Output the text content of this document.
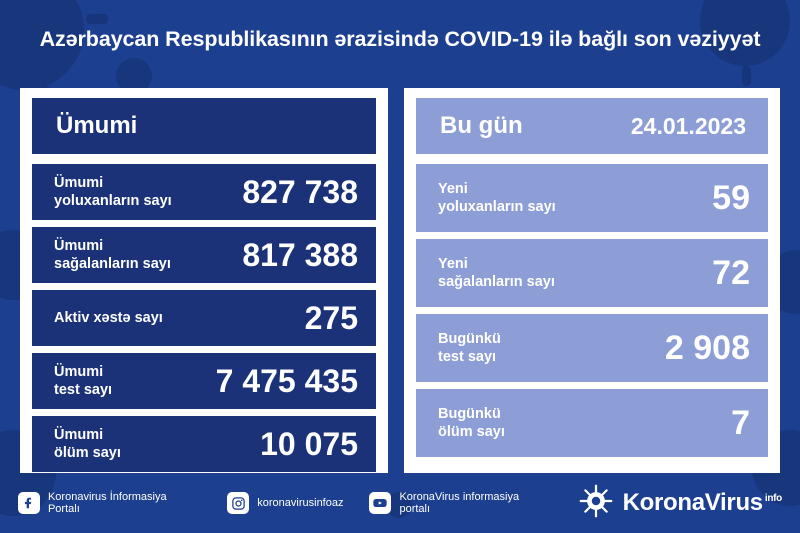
Azərbaycan Respublikasının ərazisində COVID-19 ilə bağlı son vəziyyət
Ümumi
Ümumi
yoluxanların sayı 827 738
Ümumi
sağalanların sayı 817 388
Aktiv xəstə sayı	275
Ümumi
test sayı	7 475 435
Ümumi
ölüm sayı	10 075
Bu gün	24.01.2023
Yeni
yoluxanların sayı	59
Yeni
sağalanların sayı	72
Bugünkü
test sayı	2 908
Bugünkü
ölüm sayı	7
Koronavirus İnformasiya Portalı	koronavirusinfoaz	KoronaVirus informasiya portalı	KoronaVirus $^{info}$
